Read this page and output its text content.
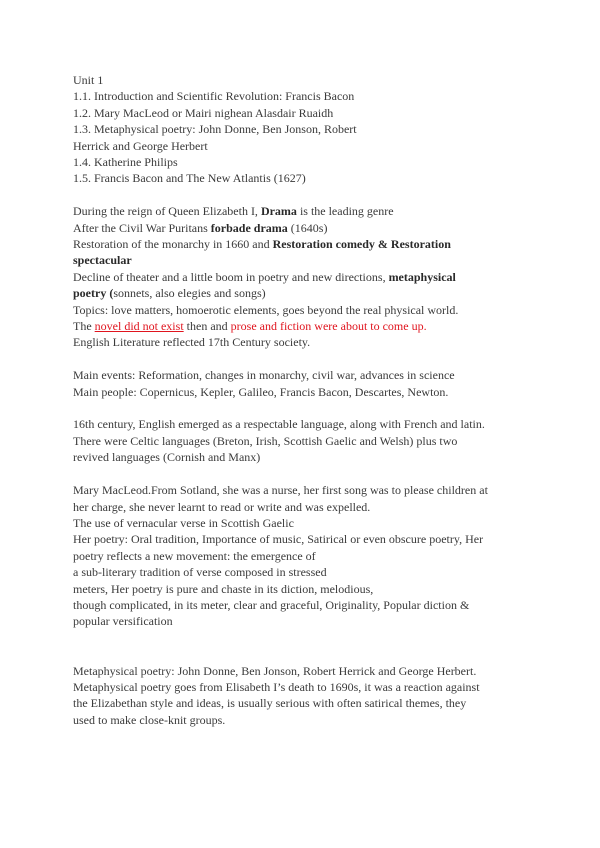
Unit 1
1.1. Introduction and Scientific Revolution: Francis Bacon
1.2. Mary MacLeod or Mairi nighean Alasdair Ruaidh
1.3. Metaphysical poetry: John Donne, Ben Jonson, Robert
Herrick and George Herbert
1.4. Katherine Philips
1.5. Francis Bacon and The New Atlantis (1627)
During the reign of Queen Elizabeth I, Drama is the leading genre
After the Civil War Puritans forbade drama (1640s)
Restoration of the monarchy in 1660 and Restoration comedy & Restoration
spectacular
Decline of theater and a little boom in poetry and new directions, metaphysical
poetry (sonnets, also elegies and songs)
Topics: love matters, homoerotic elements, goes beyond the real physical world.
The novel did not exist then and prose and fiction were about to come up.
English Literature reflected 17th Century society.
Main events: Reformation, changes in monarchy, civil war, advances in science
Main people: Copernicus, Kepler, Galileo, Francis Bacon, Descartes, Newton.
16th century, English emerged as a respectable language, along with French and latin.
There were Celtic languages (Breton, Irish, Scottish Gaelic and Welsh) plus two
revived languages (Cornish and Manx)
Mary MacLeod.From Sotland, she was a nurse, her first song was to please children at
her charge, she never learnt to read or write and was expelled.
The use of vernacular verse in Scottish Gaelic
Her poetry: Oral tradition, Importance of music, Satirical or even obscure poetry, Her
poetry reflects a new movement: the emergence of
a sub-literary tradition of verse composed in stressed
meters, Her poetry is pure and chaste in its diction, melodious,
though complicated, in its meter, clear and graceful, Originality, Popular diction &
popular versification
Metaphysical poetry: John Donne, Ben Jonson, Robert Herrick and George Herbert.
Metaphysical poetry goes from Elisabeth I’s death to 1690s, it was a reaction against
the Elizabethan style and ideas, is usually serious with often satirical themes, they
used to make close-knit groups.
